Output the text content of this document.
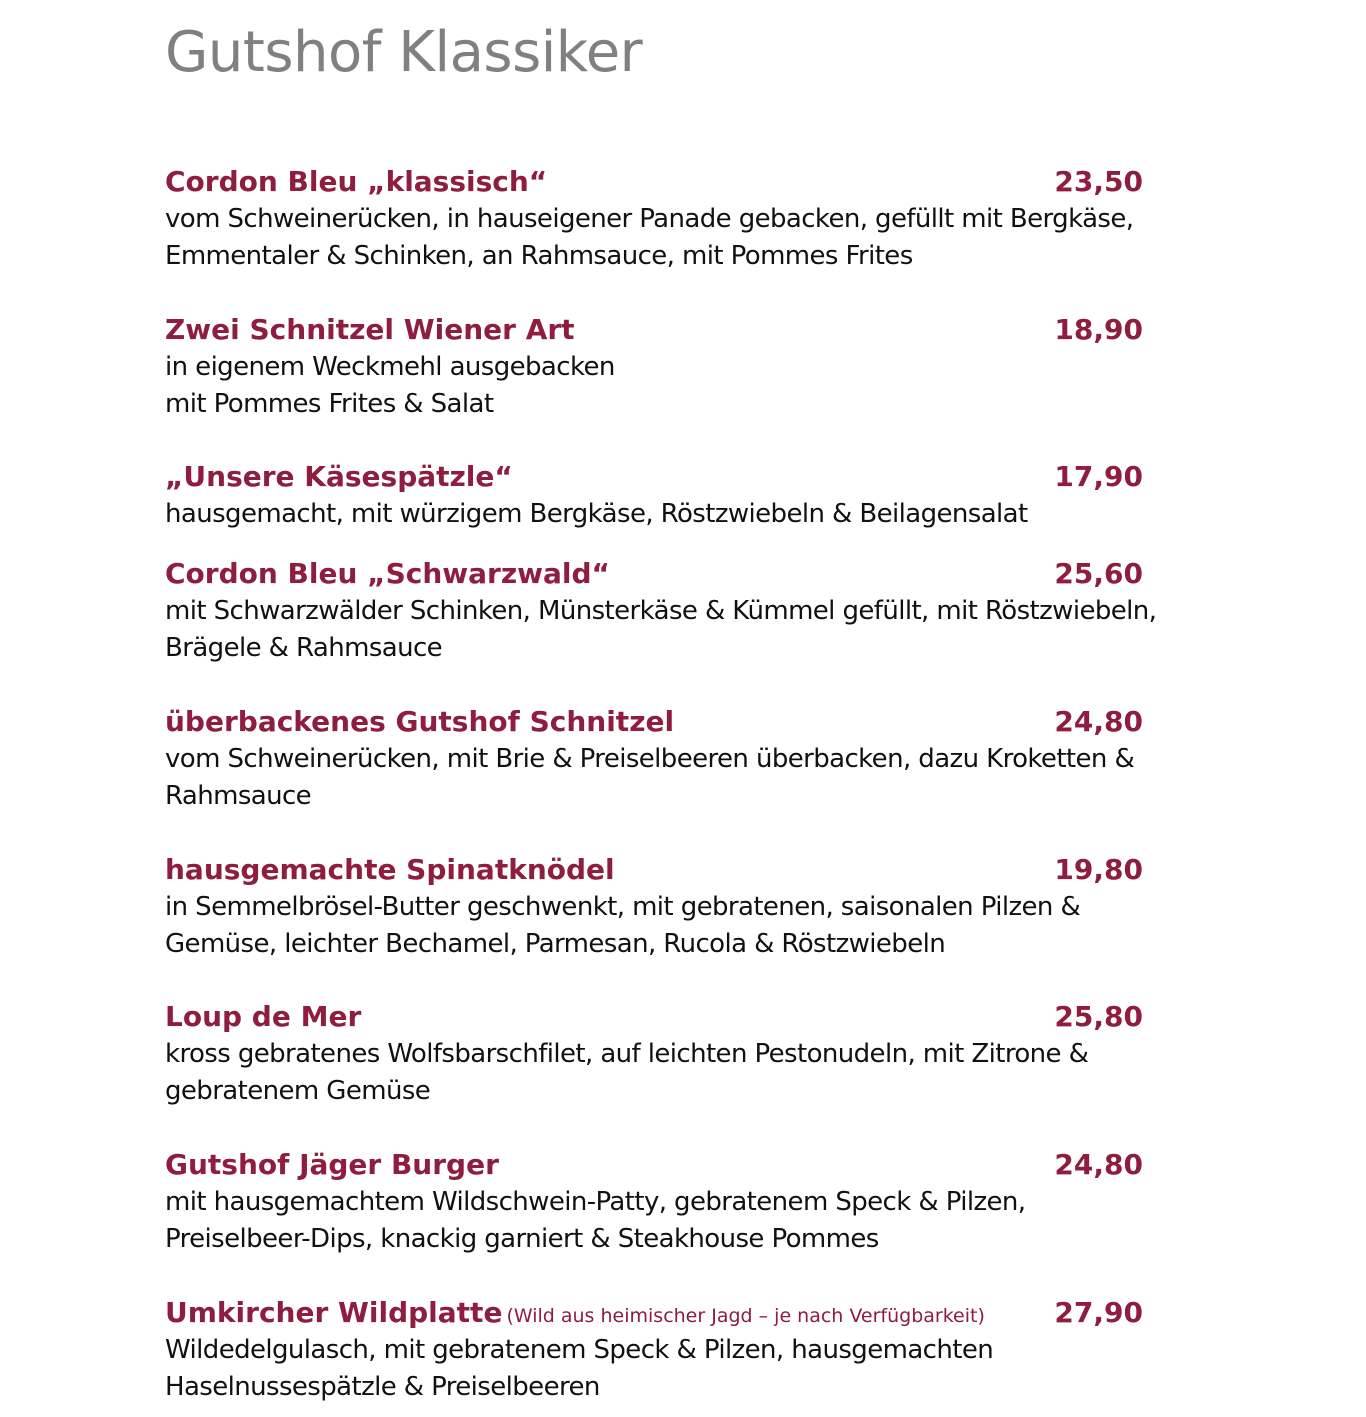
Gutshof Klassiker
Cordon Bleu „klassisch“	23,50
vom Schweinerücken, in hauseigener Panade gebacken, gefüllt mit Bergkäse,
Emmentaler & Schinken, an Rahmsauce, mit Pommes Frites
Zwei Schnitzel Wiener Art	18,90
in eigenem Weckmehl ausgebacken
mit Pommes Frites & Salat
„Unsere Käsespätzle“	17,90
hausgemacht, mit würzigem Bergkäse, Röstzwiebeln & Beilagensalat
Cordon Bleu „Schwarzwald“	25,60
mit Schwarzwälder Schinken, Münsterkäse & Kümmel gefüllt, mit Röstzwiebeln,
Brägele & Rahmsauce
überbackenes Gutshof Schnitzel	24,80
vom Schweinerücken, mit Brie & Preiselbeeren überbacken, dazu Kroketten &
Rahmsauce
hausgemachte Spinatknödel	19,80
in Semmelbrösel-Butter geschwenkt, mit gebratenen, saisonalen Pilzen &
Gemüse, leichter Bechamel, Parmesan, Rucola & Röstzwiebeln
Loup de Mer	25,80
kross gebratenes Wolfsbarschfilet, auf leichten Pestonudeln, mit Zitrone &
gebratenem Gemüse
Gutshof Jäger Burger	24,80
mit hausgemachtem Wildschwein-Patty, gebratenem Speck & Pilzen,
Preiselbeer-Dips, knackig garniert & Steakhouse Pommes
Umkircher Wildplatte (Wild aus heimischer Jagd – je nach Verfügbarkeit) 27,90
Wildedelgulasch, mit gebratenem Speck & Pilzen, hausgemachten
Haselnussespätzle & Preiselbeeren
